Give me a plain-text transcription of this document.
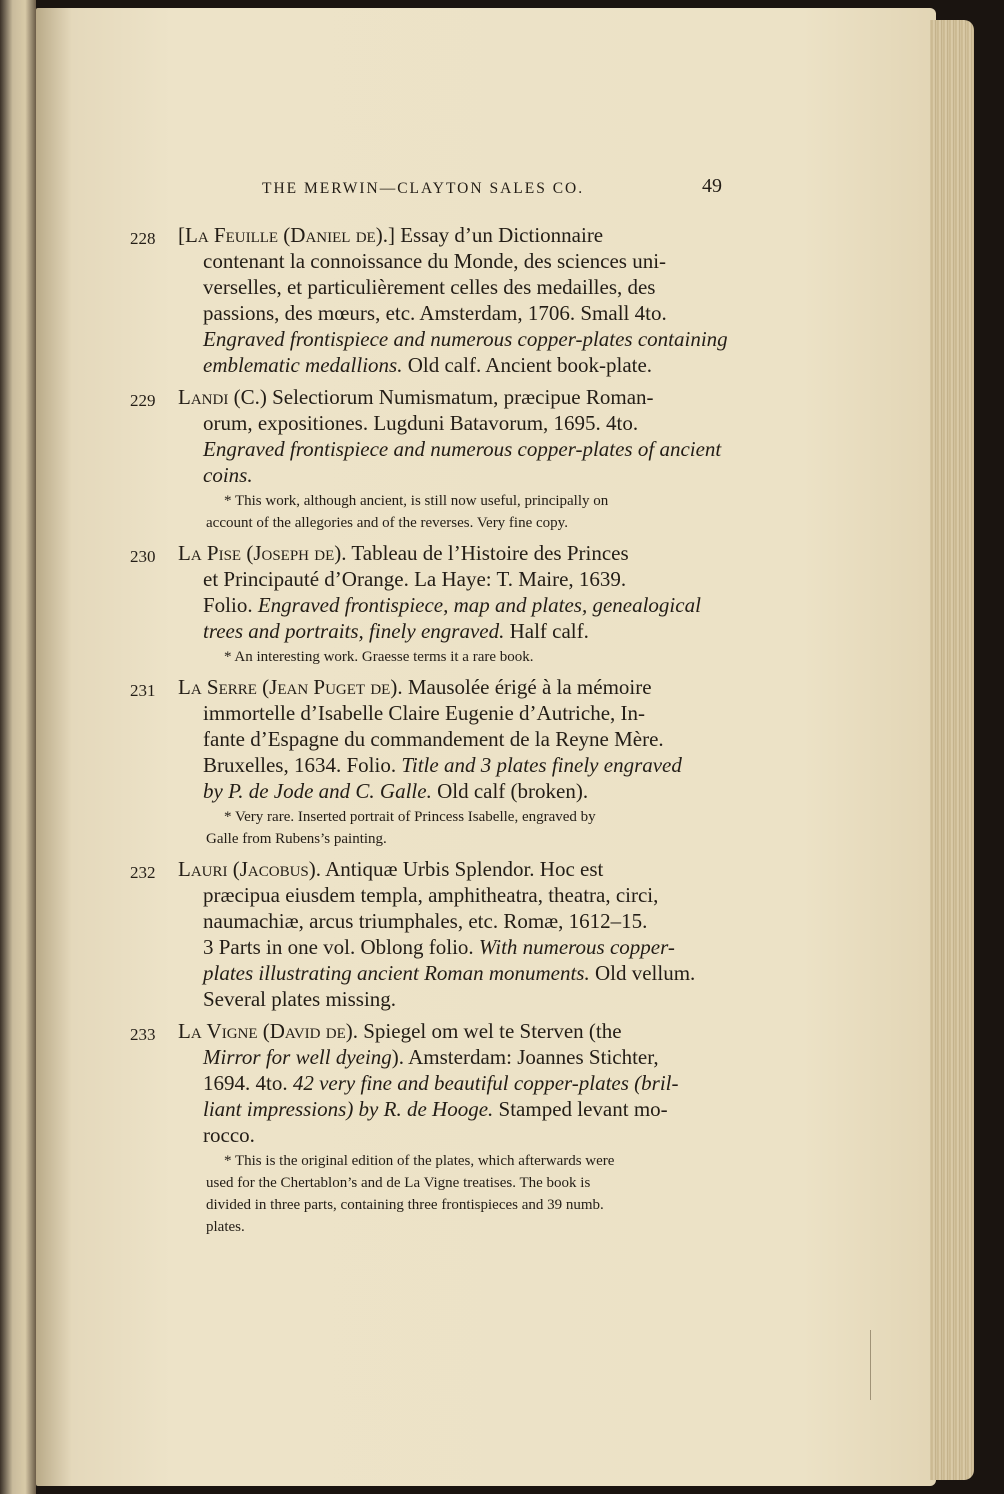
THE MERWIN—CLAYTON SALES CO.	49
228 [La Feuille (Daniel de).] Essay d’un Dictionnaire
contenant la connoissance du Monde, des sciences uni-
verselles, et particulièrement celles des medailles, des
passions, des mœurs, etc. Amsterdam, 1706. Small 4to.
Engraved frontispiece and numerous copper-plates containing
emblematic medallions. Old calf. Ancient book-plate.
229 Landi (C.) Selectiorum Numismatum, præcipue Roman-
orum, expositiones. Lugduni Batavorum, 1695. 4to.
Engraved frontispiece and numerous copper-plates of ancient
coins.
* This work, although ancient, is still now useful, principally on
account of the allegories and of the reverses. Very fine copy.
230 La Pise (Joseph de). Tableau de l’Histoire des Princes
et Principauté d’Orange. La Haye: T. Maire, 1639.
Folio. Engraved frontispiece, map and plates, genealogical
trees and portraits, finely engraved. Half calf.
* An interesting work. Graesse terms it a rare book.
231 La Serre (Jean Puget de). Mausolée érigé à la mémoire
immortelle d’Isabelle Claire Eugenie d’Autriche, In-
fante d’Espagne du commandement de la Reyne Mère.
Bruxelles, 1634. Folio. Title and 3 plates finely engraved
by P. de Jode and C. Galle. Old calf (broken).
* Very rare. Inserted portrait of Princess Isabelle, engraved by
Galle from Rubens’s painting.
232 Lauri (Jacobus). Antiquæ Urbis Splendor. Hoc est
præcipua eiusdem templa, amphitheatra, theatra, circi,
naumachiæ, arcus triumphales, etc. Romæ, 1612–15.
3 Parts in one vol. Oblong folio. With numerous copper-
plates illustrating ancient Roman monuments. Old vellum.
Several plates missing.
233 La Vigne (David de). Spiegel om wel te Sterven (the
Mirror for well dyeing). Amsterdam: Joannes Stichter,
1694. 4to. 42 very fine and beautiful copper-plates (bril-
liant impressions) by R. de Hooge. Stamped levant mo-
rocco.
* This is the original edition of the plates, which afterwards were
used for the Chertablon’s and de La Vigne treatises. The book is
divided in three parts, containing three frontispieces and 39 numb.
plates.
